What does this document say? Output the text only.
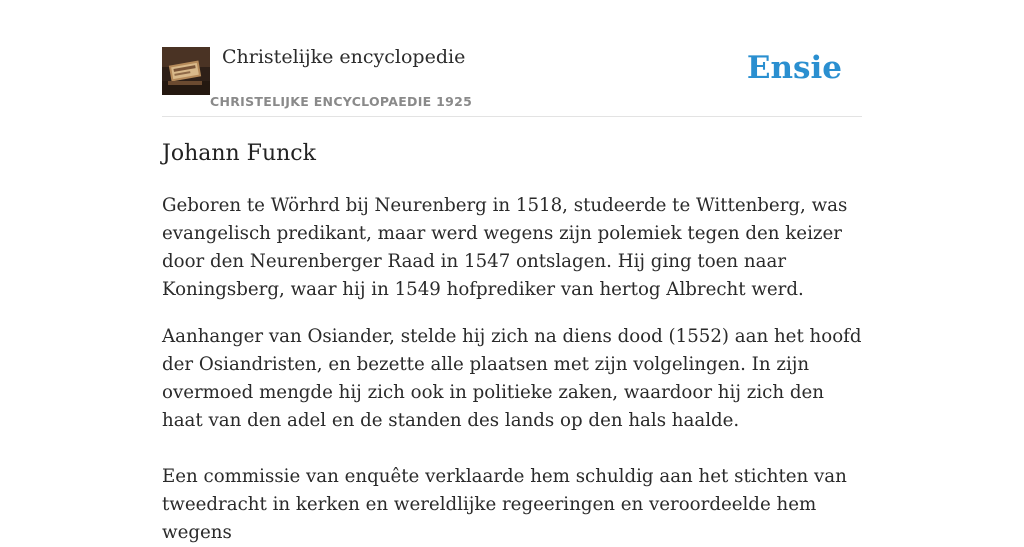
Christelijke encyclopedie
CHRISTELIJKE ENCYCLOPAEDIE 1925
Ensie
Johann Funck

Geboren te Wörhrd bij Neurenberg in 1518, studeerde te Wittenberg, was evangelisch predikant, maar werd wegens zijn polemiek tegen den keizer door den Neurenberger Raad in 1547 ontslagen. Hij ging toen naar Koningsberg, waar hij in 1549 hofprediker van hertog Albrecht werd.

Aanhanger van Osiander, stelde hij zich na diens dood (1552) aan het hoofd der Osiandristen, en bezette alle plaatsen met zijn volgelingen. In zijn overmoed mengde hij zich ook in politieke zaken, waardoor hij zich den haat van den adel en de standen des lands op den hals haalde.

Een commissie van enquête verklaarde hem schuldig aan het stichten van tweedracht in kerken en wereldlijke regeeringen en veroordeelde hem wegens
